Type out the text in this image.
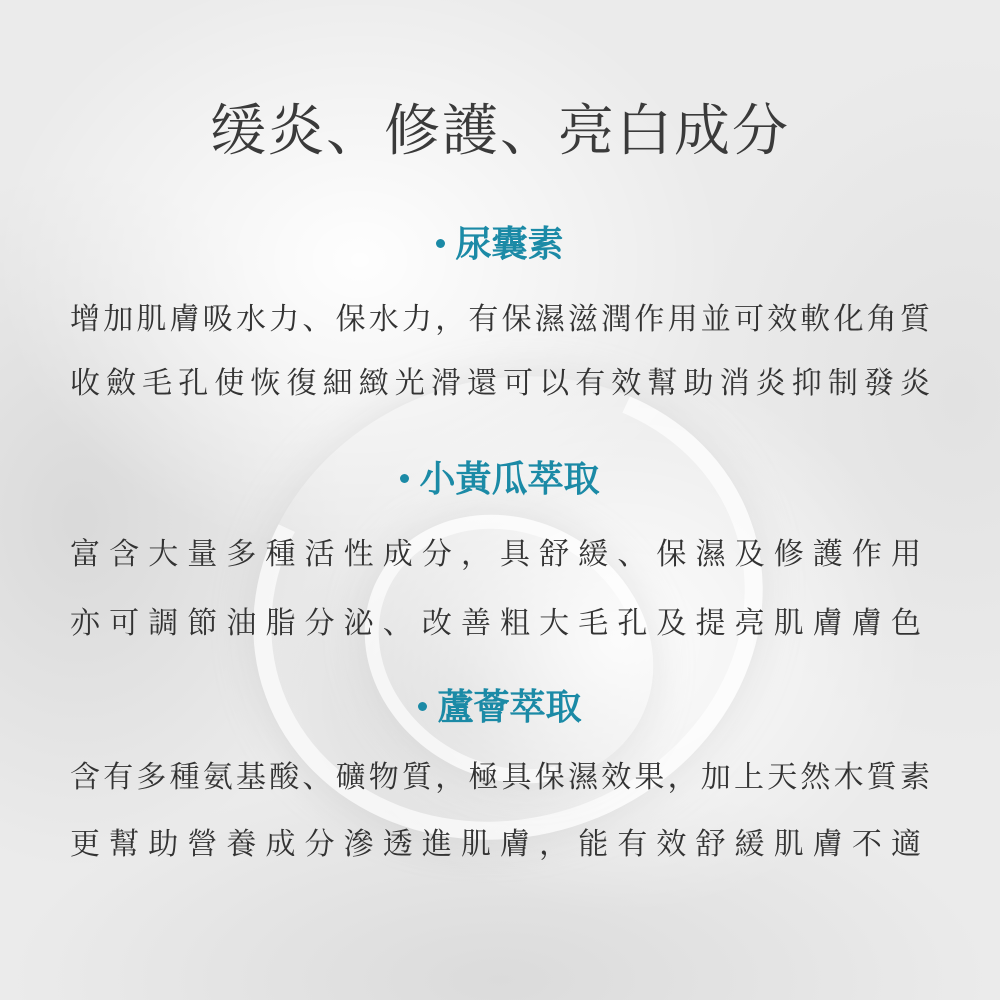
缓炎、修護、亮白成分
尿囊素
增加肌膚吸水力、保水力，有保濕滋潤作用並可效軟化角質
收斂毛孔使恢復細緻光滑還可以有效幫助消炎抑制發炎
小黃瓜萃取
富含大量多種活性成分，具舒緩、保濕及修護作用
亦可調節油脂分泌、改善粗大毛孔及提亮肌膚膚色
蘆薈萃取
含有多種氨基酸、礦物質，極具保濕效果，加上天然木質素
更幫助營養成分滲透進肌膚，能有效舒緩肌膚不適
